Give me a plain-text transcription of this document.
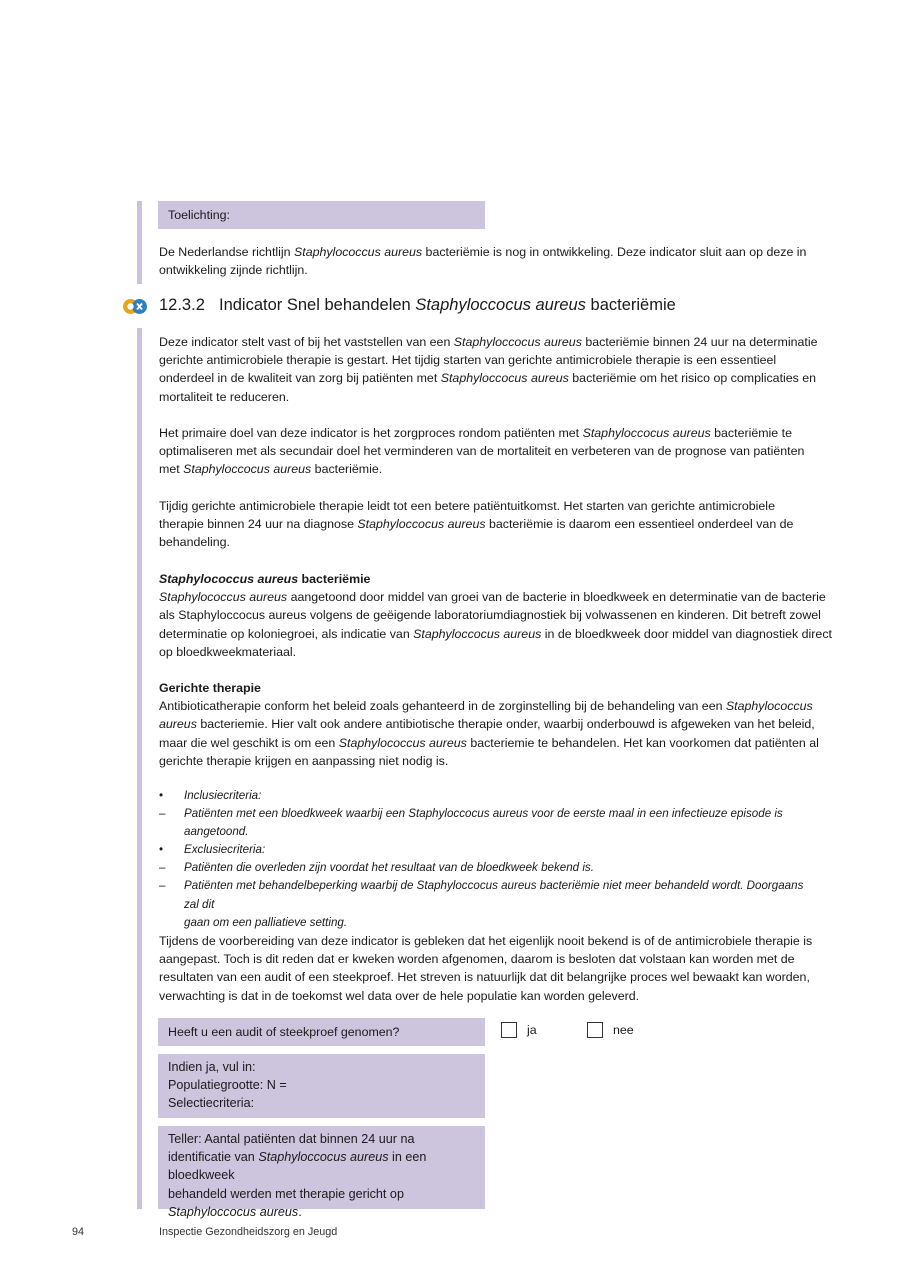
Toelichting:

De Nederlandse richtlijn Staphylococcus aureus bacteriëmie is nog in ontwikkeling. Deze indicator sluit aan op deze in

ontwikkeling zijnde richtlijn.

12.3.2 Indicator Snel behandelen Staphyloccocus aureus bacteriëmie

Deze indicator stelt vast of bij het vaststellen van een Staphyloccocus aureus bacteriëmie binnen 24 uur na determinatie

gerichte antimicrobiele therapie is gestart. Het tijdig starten van gerichte antimicrobiele therapie is een essentieel

onderdeel in de kwaliteit van zorg bij patiënten met Staphyloccocus aureus bacteriëmie om het risico op complicaties en

mortaliteit te reduceren.

Het primaire doel van deze indicator is het zorgproces rondom patiënten met Staphyloccocus aureus bacteriëmie te

optimaliseren met als secundair doel het verminderen van de mortaliteit en verbeteren van de prognose van patiënten

met Staphyloccocus aureus bacteriëmie.

Tijdig gerichte antimicrobiele therapie leidt tot een betere patiëntuitkomst. Het starten van gerichte antimicrobiele

therapie binnen 24 uur na diagnose Staphyloccocus aureus bacteriëmie is daarom een essentieel onderdeel van de

behandeling.

Staphylococcus aureus bacteriëmie

Staphylococcus aureus aangetoond door middel van groei van de bacterie in bloedkweek en determinatie van de bacterie

als Staphyloccocus aureus volgens de geëigende laboratoriumdiagnostiek bij volwassenen en kinderen. Dit betreft zowel

determinatie op koloniegroei, als indicatie van Staphyloccocus aureus in de bloedkweek door middel van diagnostiek direct

op bloedkweekmateriaal.

Gerichte therapie

Antibioticatherapie conform het beleid zoals gehanteerd in de zorginstelling bij de behandeling van een Staphylococcus

aureus bacteriemie. Hier valt ook andere antibiotische therapie onder, waarbij onderbouwd is afgeweken van het beleid,

maar die wel geschikt is om een Staphylococcus aureus bacteriemie te behandelen. Het kan voorkomen dat patiënten al

gerichte therapie krijgen en aanpassing niet nodig is.

• Inclusiecriteria:
– Patiënten met een bloedkweek waarbij een Staphyloccocus aureus voor de eerste maal in een infectieuze episode is aangetoond.
• Exclusiecriteria:
– Patiënten die overleden zijn voordat het resultaat van de bloedkweek bekend is.
– Patiënten met behandelbeperking waarbij de Staphyloccocus aureus bacteriëmie niet meer behandeld wordt. Doorgaans zal dit
gaan om een palliatieve setting.

Tijdens de voorbereiding van deze indicator is gebleken dat het eigenlijk nooit bekend is of de antimicrobiele therapie is

aangepast. Toch is dit reden dat er kweken worden afgenomen, daarom is besloten dat volstaan kan worden met de

resultaten van een audit of een steekproef. Het streven is natuurlijk dat dit belangrijke proces wel bewaakt kan worden,

verwachting is dat in de toekomst wel data over de hele populatie kan worden geleverd.

Heeft u een audit of steekproef genomen?	ja	nee
Indien ja, vul in:
Populatiegrootte: N =
Selectiecriteria:
Teller: Aantal patiënten dat binnen 24 uur na
identificatie van Staphyloccocus aureus in een bloedkweek
behandeld werden met therapie gericht op
Staphyloccocus aureus.
94	Inspectie Gezondheidszorg en Jeugd
